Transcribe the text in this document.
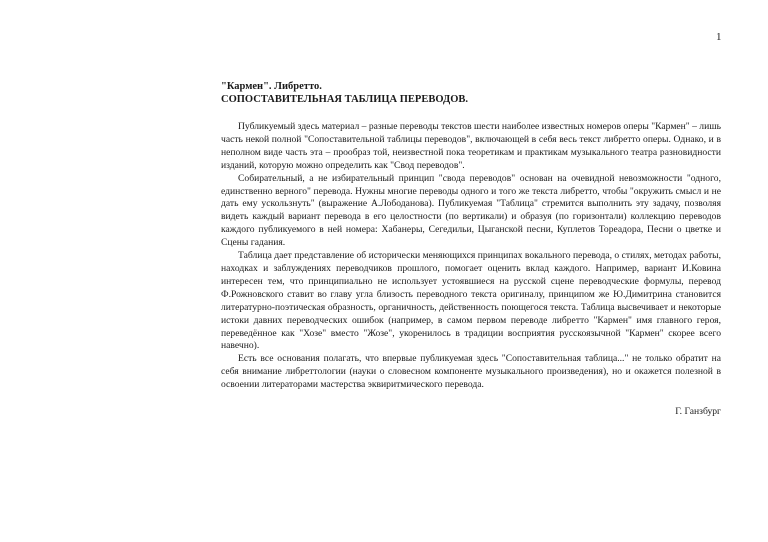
1

"Кармен". Либретто.

СОПОСТАВИТЕЛЬНАЯ ТАБЛИЦА ПЕРЕВОДОВ.

Публикуемый здесь материал – разные переводы текстов шести наиболее известных номеров оперы "Кармен" – лишь часть некой полной "Сопоставительной таблицы переводов", включающей в себя весь текст либретто оперы. Однако, и в неполном виде часть эта – прообраз той, неизвестной пока теоретикам и практикам музыкального театра разновидности изданий, которую можно определить как "Свод переводов".

Собирательный, а не избирательный принцип "свода переводов" основан на очевидной невозможности "одного, единственно верного" перевода. Нужны многие переводы одного и того же текста либретто, чтобы "окружить смысл и не дать ему ускользнуть" (выражение А.Лободанова). Публикуемая "Таблица" стремится выполнить эту задачу, позволяя видеть каждый вариант перевода в его целостности (по вертикали) и образуя (по горизонтали) коллекцию переводов каждого публикуемого в ней номера: Хабанеры, Сегедильи, Цыганской песни, Куплетов Тореадора, Песни о цветке и Сцены гадания.

Таблица дает представление об исторически меняющихся принципах вокального перевода, о стилях, методах работы, находках и заблуждениях переводчиков прошлого, помогает оценить вклад каждого. Например, вариант И.Ковина интересен тем, что принципиально не использует устоявшиеся на русской сцене переводческие формулы, перевод Ф.Рожновского ставит во главу угла близость переводного текста оригиналу, принципом же Ю.Димитрина становится литературно-поэтическая образность, органичность, действенность поющегося текста. Таблица высвечивает и некоторые истоки давних переводческих ошибок (например, в самом первом переводе либретто "Кармен" имя главного героя, переведённое как "Хозе" вместо "Жозе", укоренилось в традиции восприятия русскоязычной "Кармен" скорее всего навечно).

Есть все основания полагать, что впервые публикуемая здесь "Сопоставительная таблица..." не только обратит на себя внимание либреттологии (науки о словесном компоненте музыкального произведения), но и окажется полезной в освоении литераторами мастерства эквиритмического перевода.

Г. Ганзбург
